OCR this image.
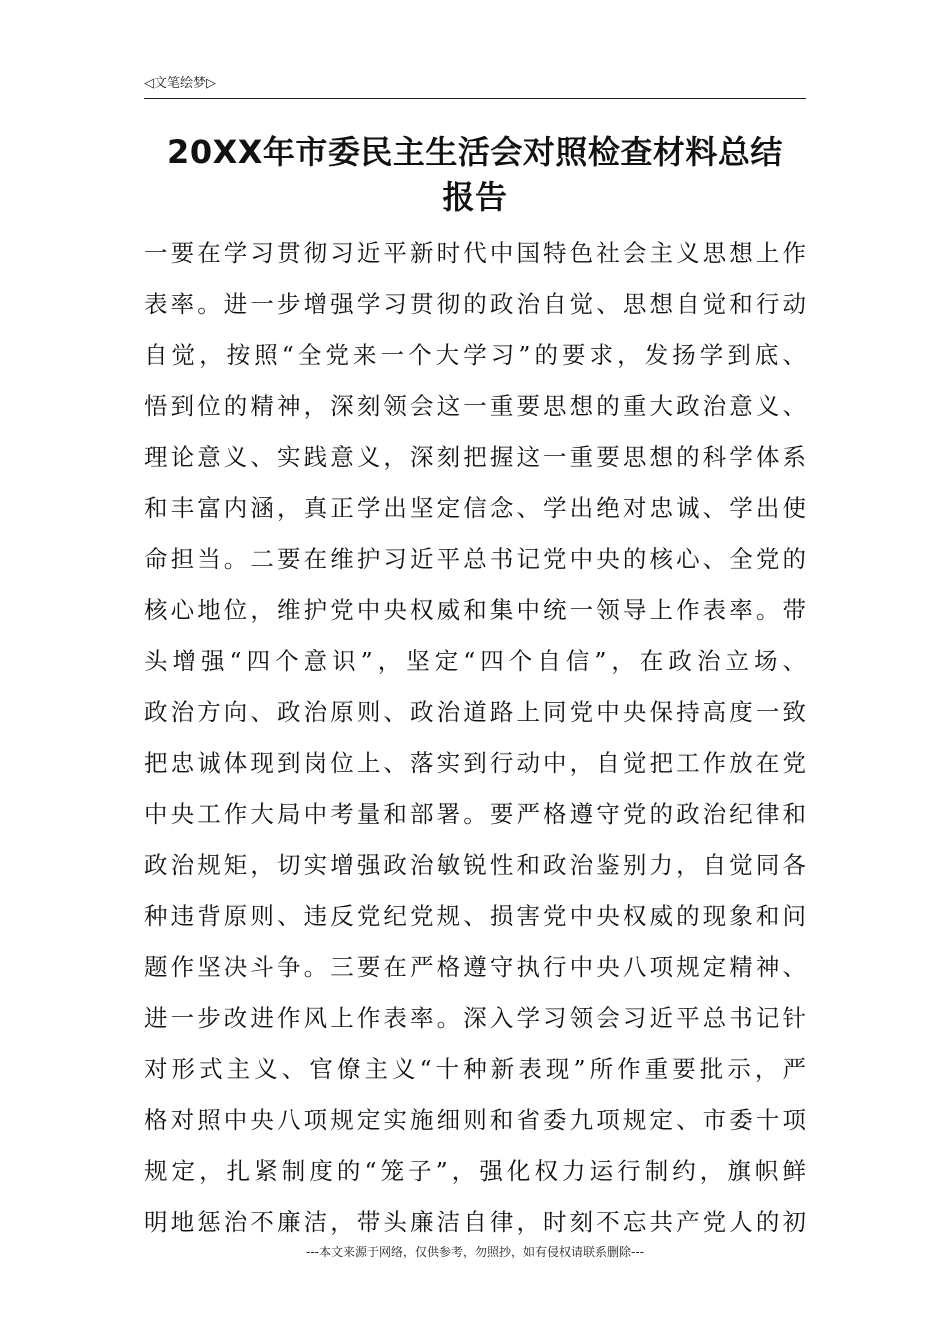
◁文笔绘梦▷
20XX年市委民主生活会对照检查材料总结
报告
一要在学习贯彻习近平新时代中国特色社会主义思想上作
表率。进一步增强学习贯彻的政治自觉、思想自觉和行动
自觉，按照“全党来一个大学习”的要求，发扬学到底、
悟到位的精神，深刻领会这一重要思想的重大政治意义、
理论意义、实践意义，深刻把握这一重要思想的科学体系
和丰富内涵，真正学出坚定信念、学出绝对忠诚、学出使
命担当。二要在维护习近平总书记党中央的核心、全党的
核心地位，维护党中央权威和集中统一领导上作表率。带
头增强“四个意识”，坚定“四个自信”，在政治立场、
政治方向、政治原则、政治道路上同党中央保持高度一致
把忠诚体现到岗位上、落实到行动中，自觉把工作放在党
中央工作大局中考量和部署。要严格遵守党的政治纪律和
政治规矩，切实增强政治敏锐性和政治鉴别力，自觉同各
种违背原则、违反党纪党规、损害党中央权威的现象和问
题作坚决斗争。三要在严格遵守执行中央八项规定精神、
进一步改进作风上作表率。深入学习领会习近平总书记针
对形式主义、官僚主义“十种新表现”所作重要批示，严
格对照中央八项规定实施细则和省委九项规定、市委十项
规定，扎紧制度的“笼子”，强化权力运行制约，旗帜鲜
明地惩治不廉洁，带头廉洁自律，时刻不忘共产党人的初
---本文来源于网络，仅供参考，勿照抄，如有侵权请联系删除---
